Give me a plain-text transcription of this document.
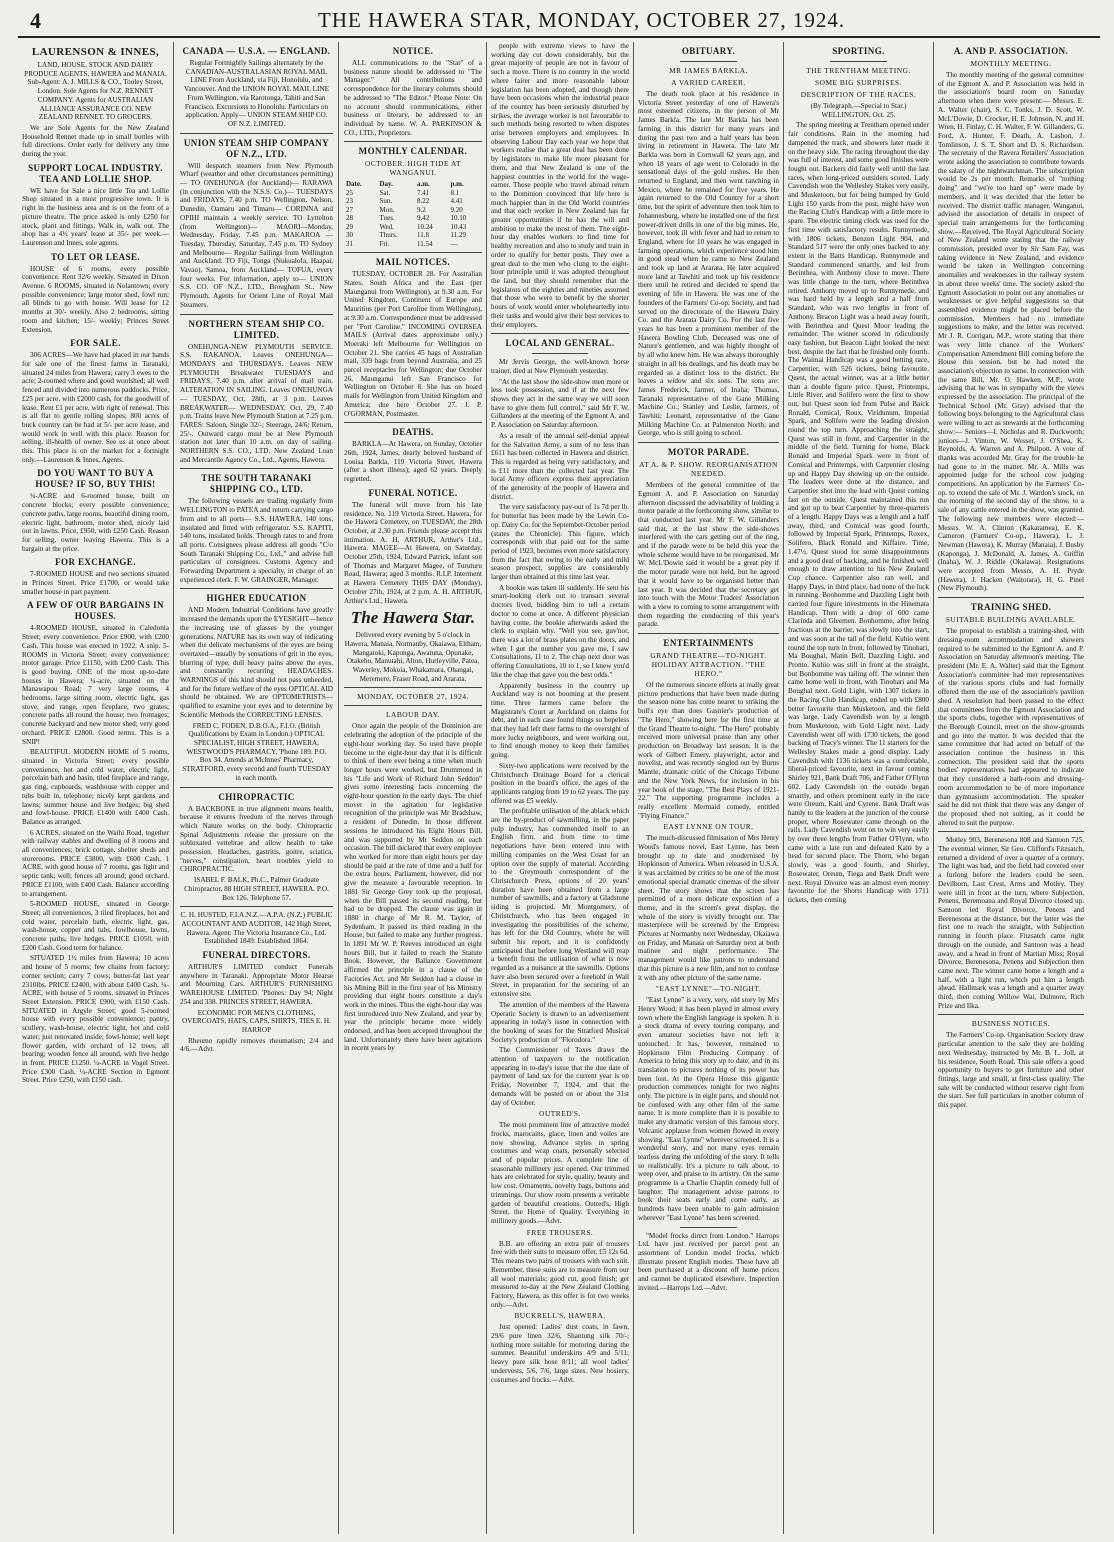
4	THE HAWERA STAR, MONDAY, OCTOBER 27, 1924.
LAURENSON & INNES,

LAND, HOUSE, STOCK AND DAIRY PRODUCE AGENTS, HAWERA and MANAIA. Sub-Agent: A. J. MILLS & CO., Tooley Street, London. Sole Agents for N.Z. RENNET COMPANY. Agents for AUSTRALIAN ALLIANCE ASSURANCE CO. NEW ZEALAND RENNET. TO GROCERS.

We are Sole Agents for the New Zealand Household Rennet made up in small bottles with full directions. Order early for delivery any time during the year.

SUPPORT LOCAL INDUSTRY. TEA AND LOLLIE SHOP.

WE have for Sale a nice little Tea and Lollie Shop situated in a most progressive town. It is right in the business area and is on the front of a picture theatre. The price asked is only £250 for stock, plant and fittings. Walk in, walk out. The shop has a 4½ years' lease at 35/- per week.—Laurenson and Innes, sole agents.

TO LET OR LEASE.

HOUSE of 6 rooms, every possible convenience. Rent 32/6 weekly. Situated in Dixon Avenue. 6 ROOMS, situated in Nolantown; every possible convenience; large motor shed, fowl run; all blinds to go with house. Will lease for 12 months at 30/- weekly. Also 2 bedrooms, sitting room and kitchen; 15/- weekly; Princes Street Extension.

FOR SALE.

306 ACRES—We have had placed in our hands for sale one of the finest farms in Taranaki, situated 24 miles from Hawera; carry 3 ewes to the acre; 2-roomed where and good woolshed; all well fenced and divided into numerous paddocks. Price, £25 per acre, with £2000 cash, for the goodwill of lease. Rent £1 per acre, with right of renewal. This is all flat to gentle rolling slopes; 800 acres of buck country can be had at 5/- per acre lease, and would work in well with this place. Reason for selling, ill-health of owner. See us at once about this. This place is on the market for a fortnight only.—Laurenson & Innes, Agents.

DO YOU WANT TO BUY A HOUSE? IF SO, BUY THIS!

¼-ACRE and 6-roomed house, built on concrete blocks; every possible convenience; concrete paths, large rooms, beautiful dining room, electric light, bathroom, motor shed, nicely laid out in lawns. Price, £950, with £250 Cash. Reason for selling, owner leaving Hawera. This is a bargain at the price.

FOR EXCHANGE.

7-ROOMED HOUSE and two sections situated in Princes Street. Price £1700, or would take smaller house in part payment.

A FEW OF OUR BARGAINS IN HOUSES.

4-ROOMED HOUSE, situated in Caledonia Street; every convenience. Price £900, with £200 Cash. This house was erected in 1922. A snip. 5-ROOMS in Victoria Street; every convenience; motor garage. Price £1150, with £200 Cash. This is good buying. ONE of the most up-to-date houses in Hawera; ¼-acre, situated on the Manawapou Road; 7 very large rooms, 4 bedrooms, large sitting room, electric light, gas stove, and range, open fireplace, two grates; concrete paths all round the house; two frontages; concrete backyard and new motor shed; very good orchard. PRICE £2800. Good terms. This is a SNIP!

BEAUTIFUL MODERN HOME of 5 rooms, situated in Victoria Street; every possible convenience, hot and cold water, electric light, porcelain bath and basin, tiled fireplace and range, gas ring, cupboards, washhouse with copper and tubs built in, telephone; nicely kept gardens and lawns; summer house and live hedges; big shed and fowl-house. PRICE £1400 with £400 Cash. Balance as arranged.

6 ACRES, situated on the Waihi Road, together with railway stables and dwelling of 8 rooms and all conveniences; brick cottage, shelter sheds and storerooms. PRICE £3800, with £600 Cash. 1 ACRE, with good house of 7 rooms, gas light and septic tank; well; fences all around; good orchard. PRICE £1100, with £400 Cash. Balance according to arrangement.

5-ROOMED HOUSE, situated in George Street; all conveniences, 3 tiled fireplaces, hot and cold water, porcelain bath, electric light, gas, wash-house, copper and tubs, fowlhouse, lawns, concrete paths, live hedges. PRICE £1050, with £200 Cash. Good term for balance.

SITUATED 1½ miles from Hawera; 10 acres and house of 5 rooms; few chains from factory; corner section; carry 7 cows; butter-fat last year 2310lbs. PRICE £2400, with about £400 Cash. ¼-ACRE, with house of 5 rooms, situated in Princes Street Extension. PRICE £900, with £150 Cash. SITUATED in Argyle Street; good 5-roomed house with every possible convenience; pantry, scullery, wash-house, electric light, hot and cold water; just renovated inside; fowl-house; well kept flower garden, with orchard of 12 trees, all bearing; wooden fence all around, with live hedge in front. PRICE £1250. ¼-ACRE in Vogel Street. Price £300 Cash. ¼-ACRE Section in Egmont Street. Price £250, with £150 cash.

CANADA — U.S.A. — ENGLAND.

Regular Fortnightly Sailings alternately by the CANADIAN-AUSTRALASIAN ROYAL MAIL LINE From Auckland, via Fiji, Honolulu, and Vancouver. And the UNION ROYAL MAIL LINE From Wellington, via Rarotonga, Tahiti and San Francisco. Excursions to Honolulu. Particulars on application. Apply— UNION STEAM SHIP CO. OF N.Z. LIMITED.

UNION STEAM SHIP COMPANY OF N.Z., LTD.

Will despatch steamers from New Plymouth Wharf (weather and other circumstances permitting)— TO ONEHUNGA (for Auckland)— RARAWA (in conjunction with the N.S.S. Co.)— TUESDAYS and FRIDAYS, 7.40 p.m. TO Wellington, Nelson, Dunedin, Oamaru and Timaru— CORINNA and OPIHI maintain a weekly service. TO Lyttelton (from Wellington)— MAORI—Monday, Wednesday, Friday, 7.45 p.m. MAKAROA — Tuesday, Thursday, Saturday, 7.45 p.m. TO Sydney and Melbourne— Regular Sailings from Wellington and Auckland. TO Fiji, Tonga (Nukualofa, Haapai, Vavau), Samoa, from Auckland— TOFUA, every four weeks. For information, apply to— UNION S.S. CO. OF N.Z., LTD., Brougham St., New Plymouth. Agents for Orient Line of Royal Mail Steamers.

NORTHERN STEAM SHIP CO. LIMITED.

ONEHUNGA-NEW PLYMOUTH SERVICE. S.S. RAKANOA. Leaves ONEHUNGA— MONDAYS and THURSDAYS. Leaves NEW PLYMOUTH Breakwater TUESDAYS and FRIDAYS, 7.40 p.m. after arrival of mail train. ALTERATION IN SAILING. Leaves ONEHUNGA— TUESDAY, Oct. 28th, at 3 p.m. Leaves BREAKWATER— WEDNESDAY, Oct. 29, 7.40 p.m. Trains leave New Plymouth Station at 7.25 p.m. FARES: Saloon, Single 32/-; Steerage, 24/6; Return, 25/-. Outward cargo must be at New Plymouth station not later than 10 a.m. on day of sailing. NORTHERN S.S. CO., LTD. New Zealand Loan and Mercantile Agency Co., Ltd., Agents, Hawera.

THE SOUTH TARANAKI SHIPPING CO., LTD.

The following vessels are trading regularly from WELLINGTON to PATEA and return carrying cargo from and to all ports— S.S. HAWERA, 140 tons, insulated and fitted with refrigerator. S.S. KAPITI, 140 tons, insulated holds. Through rates to and from all ports. Consignees please address all goods "C/o South Taranaki Shipping Co., Ltd.," and advise full particulars of consignees. Customs Agency and Forwarding Department a specialty, in charge of an experienced clerk. F. W. GRAINGER, Manager.

HIGHER EDUCATION

AND Modern Industrial Conditions have greatly increased the demands upon the EYESIGHT—hence the increasing use of glasses by the younger generations. NATURE has its own way of indicating when the delicate mechanisms of the eyes are being overtaxed—usually by sensations of grit in the eyes, blurring of type, dull heavy pains above the eyes, and constantly recurring HEADACHES. WARNINGS of this kind should not pass unheeded, and for the future welfare of the eyes OPTICAL AID should be obtained. We are OPTOMETRISTS—qualified to examine your eyes and to determine by Scientific Methods the CORRECTING LENSES.

FRED C. FODEN, D.B.O.A., F.I.O. (British Qualifications by Exam in London.) OPTICAL SPECIALIST, HIGH STREET, HAWERA, WESTWOOD'S PHARMACY, 'Phone 189. P.O. Box 34. Attends at McInnes' Pharmacy, STRATFORD, every second and fourth TUESDAY in each month.

CHIROPRACTIC

A BACKBONE in true alignment means health, because it ensures freedom of the nerves through which Nature works on the body. Chiropractic Spinal Adjustments release the pressure on the subluxated vertebrae and allow health to take possession. Headaches, gastritis, goitre, sciatica, "nerves," constipation, heart troubles yield to CHIROPRACTIC.

ISABEL F. BALK, Ph.C., Palmer Graduate Chiropractor, 88 HIGH STREET, HAWERA. P.O. Box 126. Telephone 57.

C. H. HUSTED, F.I.A.N.Z.—A.P.A. (N.Z.) PUBLIC ACCOUNTANT AND AUDITOR, 142 High Street, Hawera. Agent: The Victoria Insurance Co., Ltd. Established 1849. Established 1864.

FUNERAL DIRECTORS.

ARTHUR'S LIMITED conduct Funerals anywhere in Taranaki. Appropriate Motor Hearse and Mourning Cars. ARTHUR'S FURNISHING WAREHOUSE LIMITED. 'Phones: Day 94; Night 254 and 338. PRINCES STREET, HAWERA.

ECONOMIC FOR MEN'S CLOTHING, OVERCOATS, HATS, CAPS, SHIRTS, TIES E. H. HARROP

Rheumo rapidly removes rheumatism; 2/4 and 4/6.—Advt.

NOTICE.

ALL communications to the "Star" of a business nature should be addressed to "The Manager." All contributions and correspondence for the literary columns should be addressed to "The Editor." Please Note: On no account should communications, either business or literary, be addressed to an individual by name. W. A. PARKINSON & CO., LTD., Proprietors.

MONTHLY CALENDAR.
OCTOBER. HIGH TIDE AT WANGANUI.
Date.	Day.	a.m.	p.m.
25	Sat.	7.41	8.1
23	Sun.	8.22	4.41
27	Mon.	9.2	9.20
28	Tues.	9.42	10.10
29	Wed.	10.24	10.43
30	Thurs.	11.8	11.29
31	Fri.	11.54	—
MAIL NOTICES.

TUESDAY, OCTOBER 28. For Australian States, South Africa and the East (per Maunganui from Wellington), at 9.30 a.m. For United Kingdom, Continent of Europe and Mauritius (per Port Caroline from Wellington), at 9.30 a.m. Correspondence must be addressed per "Port Caroline." INCOMING OVERSEA MAILS (Arrival dates approximate only.) Moeraki left Melbourne for Wellington on October 21. She carries 45 bags of Australian mail, 339 bags from beyond Australia, and 25 parcel receptacles for Wellington; due October 26. Maunganui left San Francisco for Wellington on October 8. She has on board mails for Wellington from United Kingdom and America; due here October 27. J. P. O'GORMAN, Postmaster.

DEATHS.

BARKLA—At Hawera, on Sunday, October 26th, 1924, James, dearly beloved husband of Louisa Barkla, 119 Victoria Street, Hawera (after a short illness); aged 62 years. Deeply regretted.

FUNERAL NOTICE.

The funeral will move from his late residence, No. 119 Victoria Street, Hawera, for the Hawera Cemetery, on TUESDAY, the 28th October, at 2.30 p.m. Friends please accept this intimation. A. H. ARTHUR, Arthur's Ltd., Hawera. MAGEE—At Hawera, on Saturday, October 25th, 1924, Edward Patrick, infant son of Thomas and Margaret Magee, of Turuturu Road, Hawera; aged 3 months. R.I.P. Interment at Hawera Cemetery THIS DAY (Monday), October 27th, 1924, at 2 p.m. A. H. ARTHUR, Arthur's Ltd., Hawera.

The Hawera Star.

Delivered every evening by 5 o'clock in Hawera, Manaia, Normanby, Okaiawa, Eltham, Mangatoki, Kaponga, Awatuna, Opunake, Otakeho, Manutahi, Alton, Hurleyville, Patea, Waverley, Mokoia, Whakamara, Ohangai, Meremere, Fraser Road, and Ararata.

MONDAY, OCTOBER 27, 1924.
LABOUR DAY.

Once again the people of the Dominion are celebrating the adoption of the principle of the eight-hour working day. So used have people become to the eight-hour day that it is difficult to think of there ever being a time when much longer hours were worked, but Drummond in his "Life and Work of Richard John Seddon" gives some interesting facts concerning the eight-hour question in the early days. The chief mover in the agitation for legislative recognition of the principle was Mr Bradshaw, a resident of Dunedin. In those different sessions he introduced his Eight Hours Bill, and was supported by Mr Seddon on each occasion. The bill declared that every employee who worked for more than eight hours per day should be paid at the rate of time and a half for the extra hours. Parliament, however, did not give the measure a favourable reception. In 1881 Sir George Grey took up the proposal, when the Bill passed its second reading, but had to be dropped. The clause was again in 1880 in charge of Mr R. M. Taylor, of Sydenham. It passed its third reading in the House, but failed to make any further progress. In 1891 Mr W. P. Reeves introduced an eight hours Bill, but it failed to reach the Statute Book. However, the Ballance Government affirmed the principle in a clause of the Factories Act, and Mr Seddon had a clause in his Mining Bill in the first year of his Ministry providing that eight hours constitute a day's work in the mines. Thus the eight-hour day was first introduced into New Zealand, and year by year the principle became more widely endorsed, and has been accepted throughout the land. Unfortunately there have been agitations in recent years by

people with extreme views to have the working day cut down considerably, but the great majority of people are not in favour of such a move. There is no country in the world where fairer and more reasonable labour legislation has been adopted, and though there have been occasions when the industrial peace of the country has been seriously disturbed by strikes, the average worker is not favourable to such methods being resorted to when disputes arise between employers and employees. In observing Labour Day each year we hope that workers realise that a great deal has been done by legislators to make life more pleasant for them, and that New Zealand is one of the happiest countries in the world for the wage-earner. Those people who travel abroad return to the Dominion convinced that life here is much happier than in the Old World countries and that each worker in New Zealand has far greater opportunities if he has the will and ambition to make the most of them. The eight-hour day enables workers to find time for healthy recreation and also to study and train in order to qualify for better posts. They owe a great deal to the men who clung to the eight-hour principle until it was adopted throughout the land, but they should remember that the legislators of the eighties and nineties assumed that those who were to benefit by the shorter hours of work would enter wholeheartedly into their tasks and would give their best services to their employers.

LOCAL AND GENERAL.

Mr Jervis George, the well-known horse trainer, died at New Plymouth yesterday.

"At the last show the side-show men more or less took possession, and if at the next few shows they act in the same way we will soon have to give them full control," said Mr F. W. Gillanders at the meeting of the Egmont A. and P. Association on Saturday afternoon.

As a result of the annual self-denial appeal for the Salvation Army, a sum of no less than £611 has been collected in Hawera and district. This is regarded as being very satisfactory, and is £11 more than the collected last year. The local Army officers express their appreciation of the generosity of the people of Hawera and district.

The very satisfactory pay-out of 1s 7d per lb. for butterfat has been made by the Lewin Co-op. Dairy Co. for the September-October period (states the Chronicle). This figure, which corresponds with that paid out for the same period of 1923, becomes even more satisfactory from the fact that owing to the early and mild season prospect, supplies are considerably larger than obtained at this time last year.

A bookie was taken ill suddenly. He sent his smart-looking clerk out to transact several doctors lived, bidding him to tell a certain doctor to come at once. A different physician having come, the bookie afterwards asked the clerk to explain why. "Well you see, guv'nor, there was a lot of brass plates on the doors, and when I got the number you gave me, I saw Consultations, 11 to 2. The chap next door was offering Consultations, 10 to 1, so I knew you'd like the chap that gave you the best odds."

Apparently business in the country up Auckland way is not booming at the present time. Three farmers came before the Magistrate's Court at Auckland on claims for debt, and in each case found things so hopeless that they had left their farms to the oversight of more lucky neighbours, and were working out, to find enough money to keep their families going.

Sixty-two applications were received by the Christchurch Drainage Board for a clerical position in the board's office, the ages of the applicants ranging from 19 to 62 years. The pay offered was £5 weekly.

The profitable utilisation of the ablack which are the by-product of sawmilling, in the paper pulp industry, has commended itself to an English firm, and from time to time negotiations have been entered into with milling companies on the West Coast for an option over the supply of material. According to the Greymouth correspondent of the Christchurch Press, options of 20 years' duration have been obtained from a large number of sawmills, and a factory at Gladstone siding is projected. Mr Montgomery, of Christchurch, who has been engaged in investigating the possibilities of the scheme, has left for the Old Country, where he will submit his report, and it is confidently anticipated that before long Westland will reap a benefit from the utilisation of what is now regarded as a nuisance at the sawmills. Options have also been secured over a freehold in Wall Street, in preparation for the securing of an extensive site.

The attention of the members of the Hawera Operatic Society is drawn to an advertisement appearing in today's issue in connection with the booking of seats for the Stratford Musical Society's production of "Florodora."

The Commissioner of Taxes draws the attention of taxpayers to the notification appearing in to-day's issue that the due date of payment of land tax for the current year is on Friday, November 7, 1924, and that the demands will be posted on or about the 31st day of October.

OUTRED'S.

The most prominent line of attractive model frocks, marocains, glace, linen and voiles are now showing. Advance styles in spring costumes and wrap coats, personally selected and of popular prices. A complete line of seasonable millinery just opened. Our trimmed hats are celebrated for style, quality, beauty and low cost. Ornaments, novelty bags, buttons and trimmings. Our show room presents a veritable garden of beautiful creations. Outred's, High Street, the Home of Quality. Everything in millinery goods.—Advt.

FREE TROUSERS.

B.B. are offering an extra pair of trousers free with their suits to measure offer, £5 12s 6d. This means two pairs of trousers with each suit. Remember, these suits are to measure from our all wool materials; good cut, good finish; get measured to-day at the New Zealand Clothing Factory, Hawera, as this offer is for two weeks only.—Advt.

BUCKRELL'S, HAWERA.

Just opened: Ladies' dust coats, in fawn, 29/6 pure linen 32/6, Shantung silk 70/-; nothing more suitable for motoring during the summer. Beautiful underskirts 4/9 and 5/11; heavy pure silk hose 8/11; all wool ladies' undervests, 5/6, 7/6, large sizes. New hosiery, costumes and frocks.—Advt.

OBITUARY.
MR JAMES BARKLA.
A VARIED CAREER.

The death took place at his residence in Victoria Street yesterday of one of Hawera's most esteemed citizens, in the person of Mr James Barkla. The late Mr Barkla has been farming in this district for many years and during the past two and a half years has been living in retirement in Hawera. The late Mr Barkla was born in Cornwall 62 years ago, and when 18 years of age went to Colorado in the sensational days of the gold rushes. He then returned to England, and then went ranching in Mexico, where he remained for five years. He again returned to the Old Country for a short time, but the spirit of adventure then took him to Johannesburg, where he installed one of the first power-driven drills in one of the big mines. He, however, took ill with fever and had to return to England, where for 10 years he was engaged in farming operations, which experience stood him in good stead when he came to New Zealand and took up land at Ararata. He later acquired more land at Tawhiti and took up his residence there until he retired and decided to spend the evening of life in Hawera. He was one of the founders of the Farmers' Co-op. Society, and had served on the directorate of the Hawera Dairy Co. and the Ararata Dairy Co. For the last five years he has been a prominent member of the Hawera Bowling Club. Deceased was one of Nature's gentlemen, and was highly thought of by all who knew him. He was always thoroughly straight in all his dealings, and his death may be regarded as a distinct loss to the district. He leaves a widow and six sons. The sons are: James Frederick, farmer, of Inaha; Thomas, Taranaki representative of the Gane Milking Machine Co.; Stanley and Leslie, farmers, of Tawhiti; Leonard, representative of the Gane Milking Machine Co. at Palmerston North; and George, who is still going to school.

MOTOR PARADE.
AT A. & P. SHOW. REORGANISATION NEEDED.

Members of the general committee of the Egmont A. and P. Association on Saturday afternoon discussed the advisability of holding a motor parade at the forthcoming show, similar to that conducted last year. Mr F. W. Gillanders said that, at the last show the side-shows interfered with the cars getting out of the ring, and if the parade were to be held this year the whole scheme would have to be reorganised. Mr W. McL'Dowie said it would be a great pity if the motor parade were not held, but he agreed that it would have to be organised better than last year. It was decided that the secretary get into touch with the Motor Traders' Association with a view to coming to some arrangement with them regarding the conducting of this year's parade.

ENTERTAINMENTS
GRAND THEATRE—TO-NIGHT. HOLIDAY ATTRACTION. "THE HERO."

Of the numerous sincere efforts at really great picture productions that have been made during the season none has come nearer to striking the bull's eye than does Gasnier's production of "The Hero," showing here for the first time at the Grand Theatre to-night. "The Hero" probably received more universal praise than any other production on Broadway last season. It is the work of Gilbert Emery, playwright, actor and novelist, and was recently singled out by Burns Mantle, dramatic critic of the Chicago Tribune and the New York News, for inclusion in his year book of the stage, "The Best Plays of 1921-22." The supporting programme includes a really excellent Mermaid comedy, entitled "Flying Finance."

EAST LYNNE ON TOUR.

The much-discussed filmisation of Mrs Henry Wood's famous novel, East Lynne, has been brought up to date and modernised by Hopkinson of America. When released in U.S.A. it was acclaimed by critics to be one of the most emotional special dramatic cinemas of the silver sheet. The story shows that the screen has permitted of a more delicate exposition of a theme, and in the screen's great display, the whole of the story is vividly brought out. The masterpiece will be screened by the Empress Pictures at Normanby next Wednesday, Okaiawa on Friday, and Manaia on Saturday next at both matinee and night performance. The management would like patrons to understand that this picture is a new film, and not to confuse it with any other picture of the same name.

"EAST LYNNE"—TO-NIGHT.

"East Lynne" is a very, very, old story by Mrs Henry Wood; it has been played in almost every town where the English language is spoken. It is a stock drama of every touring company, and even amateur societies have not left it untouched. It has, however, remained to Hopkinson Film Producing Company of America to bring this story up to date, and in its translation to pictures nothing of its power has been lost. At the Opera House this gigantic production commences tonight for two nights only. The picture is in eight parts, and should not be confused with any other film of the same name. It is more complete than it is possible to make any dramatic version of this famous story. Volcanic applause from women flowed in every showing. "East Lynne" wherever screened. It is a wonderful story, and not many eyes remain tearless during the unfolding of the story. It tells so realistically. It's a picture to talk about, to weep over, and praise to its artistry. On the same programme is a Charlie Chaplin comedy full of laughter. The management advise patrons to book their seats early and come early, as hundreds have been unable to gain admission wherever "East Lynne" has been screened.

"Model frocks direct from London." Harrops Ltd. have just received per parcel post an assortment of London model frocks, which illustrate present English modes. These have all been purchased at a discount off home prices and cannot be duplicated elsewhere. Inspection invited.—Harrops Ltd.—Advt.

SPORTING.
THE TRENTHAM MEETING.
SOME BIG SURPRISES.
DESCRIPTION OF THE RACES.

(By Telegraph.—Special to Star.) WELLINGTON, Oct. 25.

The spring meeting at Trentham opened under fair conditions. Rain in the morning had dampened the track, and showers later made it on the heavy side. The racing throughout the day was full of interest, and some good finishes were fought out. Backers did fairly well until the last races, when long-priced outsiders scored. Lady Cavendish won the Wellesley Stakes very easily, and Musketoon, but for being bumped by Gold Light 150 yards from the post, might have won the Racing Club's Handicap with a little more to spare. The electric timing clock was used for the first time with satisfactory results. Runnymede, with 1806 tickets, Benzon Light 904, and Standard 517 were the only ones backed to any extent in the Batts Handicap. Runnymede and Standard commenced smartly, and led from Berinthea, with Anthony close to move. There was little change to the turn, where Berinthea retired. Anthony moved up to Runnymede, and was hard held by a length and a half from Standard, who was two lengths in front of Anthony. Beacon Light was a head away fourth, with Berinthea and Quest Moor leading the remainder. The winner scored in ridiculously easy fashion, but Beacon Light looked the next best, despite the fact that he finished only fourth. The Waimai Handicap was a good betting race, Carpentier, with 526 tickets, being favourite. Quest, the actual winner, was at a little better than a double figure price. Quest, Printemps, Little River, and Solifero were the first to show out, but Quest soon led from Pulse and Baick Ronald, Comical, Roux, Viridunum, Imperial Spark, and Solifero were the leading division round the top turn. Approaching the straight, Quest was still in front, and Carpentier in the middle of the field. Turning for home, Black Ronald and Imperial Spark were in front of Comical and Printemps, with Carpentier closing up and Happy Day showing up on the outside. The leaders were done at the distance, and Carpentier shot into the lead with Quest coming fast on the outside. Quest maintained this run and got up to beat Carpentier by three-quarters of a length. Happy Days was a length and a half away, third, and Comical was good fourth, followed by Imperial Spark, Printemps, Roxex, Solifero, Black Ronald and Kiffaire. Time, 1.47½. Quest stood for some disappointments and a good deal of backing, and he finished well enough to draw attention to his New Zealand Cup chance. Carpentier also ran well, and Happy Days, in third place, had none of the luck in running. Boohomme and Dazzling Light both carried four figure investments in the Hinemata Handicap. Then with a drop of 600 came Clarinda and Gleemen. Bonhomme, after being fractious at the barrier, was slowly into the start, and was soon at the tail of the field. Kuhio went round the top turn in front, followed by Tinohari, Ma Boughal, Matin Bell, Dazzling Light, and Pronto. Kuhio was still in front at the straight, but Bonhomme was tailing off. The winner then came home well in front, with Tinohari and Ma Boughal next. Gold Light, with 1307 tickets in the Racing Club Handicap, ended up with £800 better favourite than Musketoon, and the field was large. Lady Cavendish won by a length from Musketoon, with Gold Light next. Lady Cavendish went off with 1730 tickets, the good backing of Tracy's winner. The 11 starters for the Wellesley Stakes made a good display. Lady Cavendish with 1136 tickets was a comfortable, liberal-priced favourite, next in favour coming Shirley 921, Bank Draft 706, and Father O'Flynn 602. Lady Cavendish on the outside began smartly, and others prominent early in the race were Oreum, Kaiti and Cyrene. Bank Draft was handy to the leaders at the junction of the course proper, where Rosewater came through on the rails. Lady Cavendish went on to win very easily by over three lengths from Father O'Flynn, who came with a late run and defeated Kaiti by a head for second place. The Thorn, who began slowly, was a good fourth, and Shirley, Rosewater, Oreum, Tiega and Bank Draft were next. Royal Divorce was an almost even money favourite for the Shorts Handicap with 1711 tickets, then coming

A. AND P. ASSOCIATION.
MONTHLY MEETING.

The monthly meeting of the general committee of the Egmont A. and P. Association was held in the association's board room on Saturday afternoon when there were present:— Messrs. E. A. Walter (chair), S. C. Tonks, J. D. Scott, W. McL'Dowie, D. Crocker, H. E. Johnson, N. and H. Wren, H. Finlay, C. H. Walter, F. W. Gillanders, G. Ford, A. Hunter, F. Death, A. Lashon, J. Tomlinson, J. S. T. Short and D. S. Richardson. The secretary of the Ravera Retailers' Association wrote asking the association to contribute towards the salary of the nightwatchman. The subscription would be 2s per month. Remarks of "nothing doing" and "we're too hard up" were made by members, and it was decided that the letter be received. The district traffic manager, Wanganui, advised the association of details in respect of special train arrangements for the forthcoming show.—Received. The Royal Agricultural Society of New Zealand wrote stating that the railway commission, presided over by Sir Sam Fay, was taking evidence in New Zealand, and evidence would be taken in Wellington concerning anomalies and weaknesses in the railway system in about three weeks' time. The society asked the Egmont Association to point out any anomalies or weaknesses or give helpful suggestions so that assembled evidence might be placed before the commission. Members had no immediate suggestions to make, and the letter was received. Mr J. R. Corrigan, M.P., wrote stating that there was very little chance of the Workers' Compensation Amendment Bill coming before the House this session, but he had noted the association's objection to same. In connection with the same Bill, Mr. O. Hawken, M.P., wrote advising that he was in sympathy with the views expressed by the association. The principal of the Technical School (Mr. Gray) advised that the following boys belonging to the Agricultural class were willing to act as stewards at the forthcoming show:— Seniors—I. Nicholas and R. Duckworth; juniors—J. Vinton, W. Wesser, J. O'Shea, K. Reynolds, A. Warren and A. Philpott. A vote of thanks was accorded Mr. Gray for the trouble he had gone to in the matter. Mr. A. Mills was appointed judge for the school cow judging competitions. An application by the Farmers' Co-op. to extend the sale of Mr. J. Wardon's stock, on the morning of the second day of the show, to a sale of any cattle entered in the show, was granted. The following new members were elected:— Messrs. W. A. Clinton (Kakaramea), E. K. Cameron (Farmers' Co-op., Hawera), L. J. Newman (Hawera), K. Murray (Manaia), J. Busby (Kaponga), J. McDonald, A. James, A. Griffin (Inaha), W. J. Riddle (Okaiawa). Resignations were accepted from Messrs. A. H. Pryde (Hawera), J. Hacken (Waitotara), H. G. Pinel (New Plymouth).

TRAINING SHED.
SUITABLE BUILDING AVAILABLE.

The proposal to establish a training-shed, with dressing-room accommodation and showers required to be submitted to the Egmont A. and P. Association on Saturday afternoon's meeting. The president (Mr. E. A. Walter) said that the Egmont Association's committee had met representatives of the various sports clubs and had formally offered them the use of the association's pavilion shed. A resolution had been passed to the effect that committees from the Egmont Association and the sports clubs, together with representatives of the Borough Council, meet on the show-grounds and go into the matter. It was decided that the same committee that had acted on behalf of the association continue the business in this connection. The president said that the sports bodies' representatives had appeared to indicate that they considered a bath-room and dressing-room accommodation to be of more importance than gymnasium accommodation. The speaker said he did not think that there was any danger of the proposed shed not suiting, as it could be altered to suit the purpose.

Motley 903, Berenesona 808 and Santoon 725. The eventual winner, Sir Geo. Clifford's Fitzsatch, returned a dividend of over a quarter of a century. The light was bad, and the field had covered over a furlong before the leaders could be seen. Devilborn, Last Crest, Arms and Motley. They were still in front at the turn, where Subjection, Penens, Beremoana and Royal Divorce closed up. Santoon led Royal Divorce, Penens and Berenesona at the distance, but the latter was the first one to reach the straight, with Subjection running in fourth place. Fitzsatch came right through on the outside, and Santoon was a head away, and a head in front of Martian Miss; Royal Divorce, Berenesona, Penens and Subjection then came next. The winner came home a length and a half, with a light run, which put him a length ahead. Hallmark was a length and a quarter away third, then coming Willow Wai, Dubnore, Rich Prize and Ilka.

BUSINESS NOTICES.

The Farmers' Co-op. Organisation Society draw particular attention to the sale they are holding next Wednesday, instructed by Mr. B. L. Joll, at his residence, South Road. This sale offers a good opportunity to buyers to get furniture and other fittings, large and small, at first-class quality. The sale will be conducted without reserve right from the start. See full particulars in another column of this paper.
